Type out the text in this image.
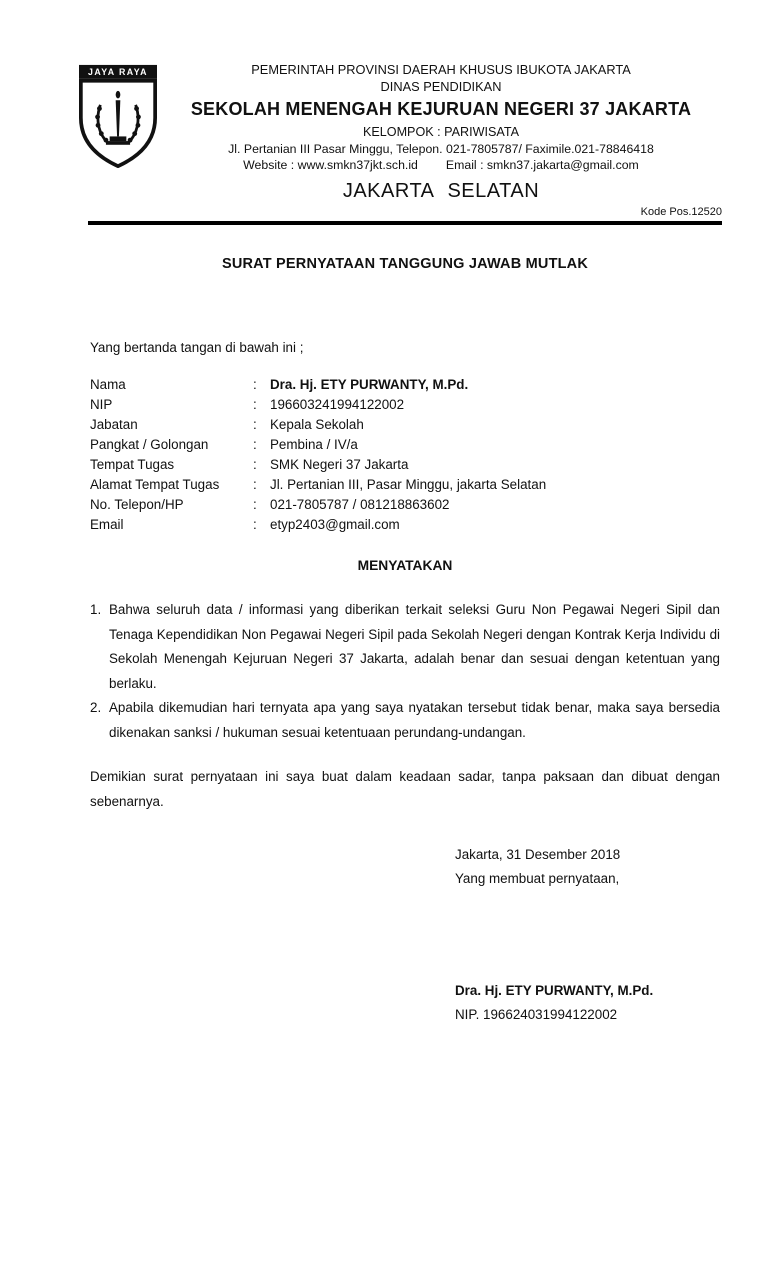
JAYA RAYA	PEMERINTAH PROVINSI DAERAH KHUSUS IBUKOTA JAKARTA
DINAS PENDIDIKAN
SEKOLAH MENENGAH KEJURUAN NEGERI 37 JAKARTA
KELOMPOK : PARIWISATA
Jl. Pertanian III Pasar Minggu, Telepon. 021-7805787/ Faximile.021-78846418
Website : www.smkn37jkt.sch.id Email : smkn37.jakarta@gmail.com
JAKARTA SELATAN
Kode Pos.12520
SURAT PERNYATAAN TANGGUNG JAWAB MUTLAK

Yang bertanda tangan di bawah ini ;

Nama	: Dra. Hj. ETY PURWANTY, M.Pd.
NIP	: 196603241994122002
Jabatan	: Kepala Sekolah
Pangkat / Golongan	: Pembina / IV/a
Tempat Tugas	: SMK Negeri 37 Jakarta
Alamat Tempat Tugas	: Jl. Pertanian III, Pasar Minggu, jakarta Selatan
No. Telepon/HP	: 021-7805787 / 081218863602
Email	: etyp2403@gmail.com
MENYATAKAN
1. Bahwa seluruh data / informasi yang diberikan terkait seleksi Guru Non Pegawai Negeri Sipil dan Tenaga Kependidikan Non Pegawai Negeri Sipil pada Sekolah Negeri dengan Kontrak Kerja Individu di Sekolah Menengah Kejuruan Negeri 37 Jakarta, adalah benar dan sesuai dengan ketentuan yang berlaku.
2. Apabila dikemudian hari ternyata apa yang saya nyatakan tersebut tidak benar, maka saya bersedia dikenakan sanksi / hukuman sesuai ketentuaan perundang-undangan.

Demikian surat pernyataan ini saya buat dalam keadaan sadar, tanpa paksaan dan dibuat dengan sebenarnya.

Jakarta, 31 Desember 2018
Yang membuat pernyataan,
Dra. Hj. ETY PURWANTY, M.Pd.
NIP. 196624031994122002
